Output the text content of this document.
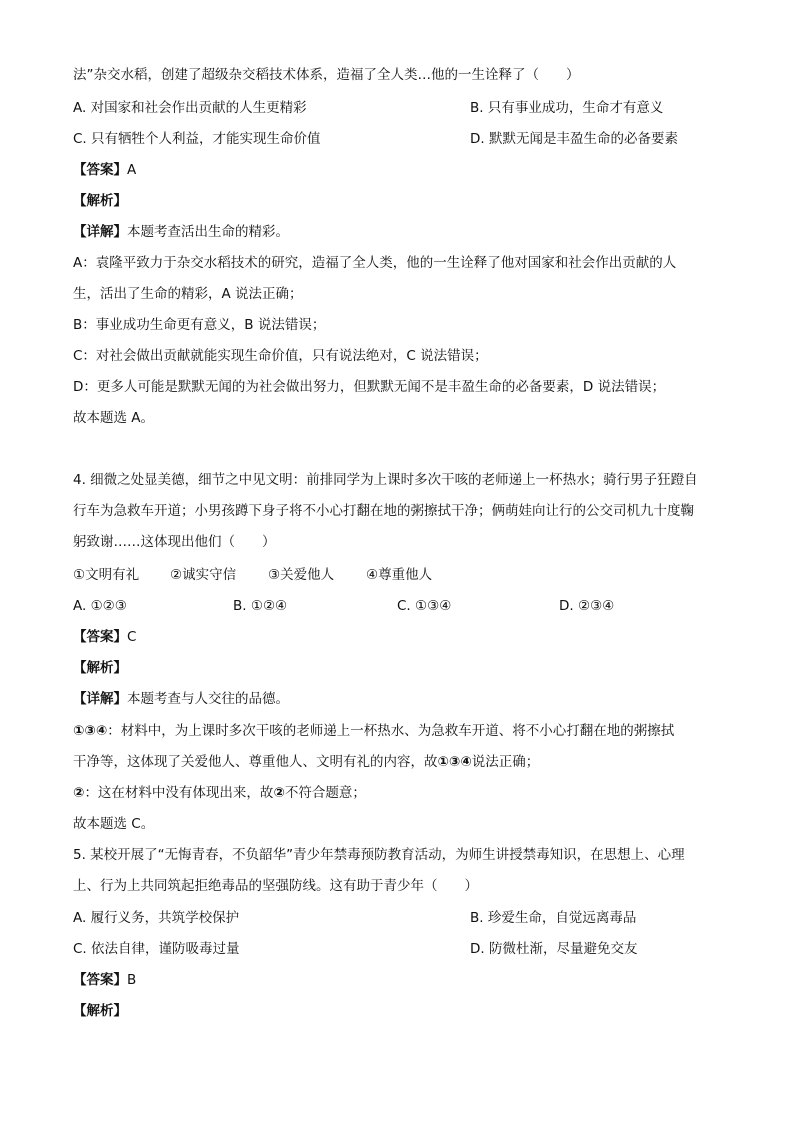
法”杂交水稻，创建了超级杂交稻技术体系，造福了全人类…他的一生诠释了（　　）
A. 对国家和社会作出贡献的人生更精彩	B. 只有事业成功，生命才有意义
C. 只有牺牲个人利益，才能实现生命价值	D. 默默无闻是丰盈生命的必备要素
【答案】A
【解析】
【详解】本题考查活出生命的精彩。
A：袁隆平致力于杂交水稻技术的研究，造福了全人类，他的一生诠释了他对国家和社会作出贡献的人
生，活出了生命的精彩，A 说法正确；
B：事业成功生命更有意义，B 说法错误；
C：对社会做出贡献就能实现生命价值，只有说法绝对，C 说法错误；
D：更多人可能是默默无闻的为社会做出努力，但默默无闻不是丰盈生命的必备要素，D 说法错误；
故本题选 A。
4. 细微之处显美德，细节之中见文明：前排同学为上课时多次干咳的老师递上一杯热水；骑行男子狂蹬自
行车为急救车开道；小男孩蹲下身子将不小心打翻在地的粥擦拭干净；俩萌娃向让行的公交司机九十度鞠
躬致谢……这体现出他们（　　）
①文明有礼 ②诚实守信 ③关爱他人 ④尊重他人
A. ①②③	B. ①②④	C. ①③④	D. ②③④
【答案】C
【解析】
【详解】本题考查与人交往的品德。
①③④：材料中，为上课时多次干咳的老师递上一杯热水、为急救车开道、将不小心打翻在地的粥擦拭
干净等，这体现了关爱他人、尊重他人、文明有礼的内容，故①③④说法正确；
②：这在材料中没有体现出来，故②不符合题意；
故本题选 C。
5. 某校开展了“无悔青春，不负韶华”青少年禁毒预防教育活动，为师生讲授禁毒知识，在思想上、心理
上、行为上共同筑起拒绝毒品的坚强防线。这有助于青少年（　　）
A. 履行义务，共筑学校保护	B. 珍爱生命，自觉远离毒品
C. 依法自律，谨防吸毒过量	D. 防微杜渐，尽量避免交友
【答案】B
【解析】
